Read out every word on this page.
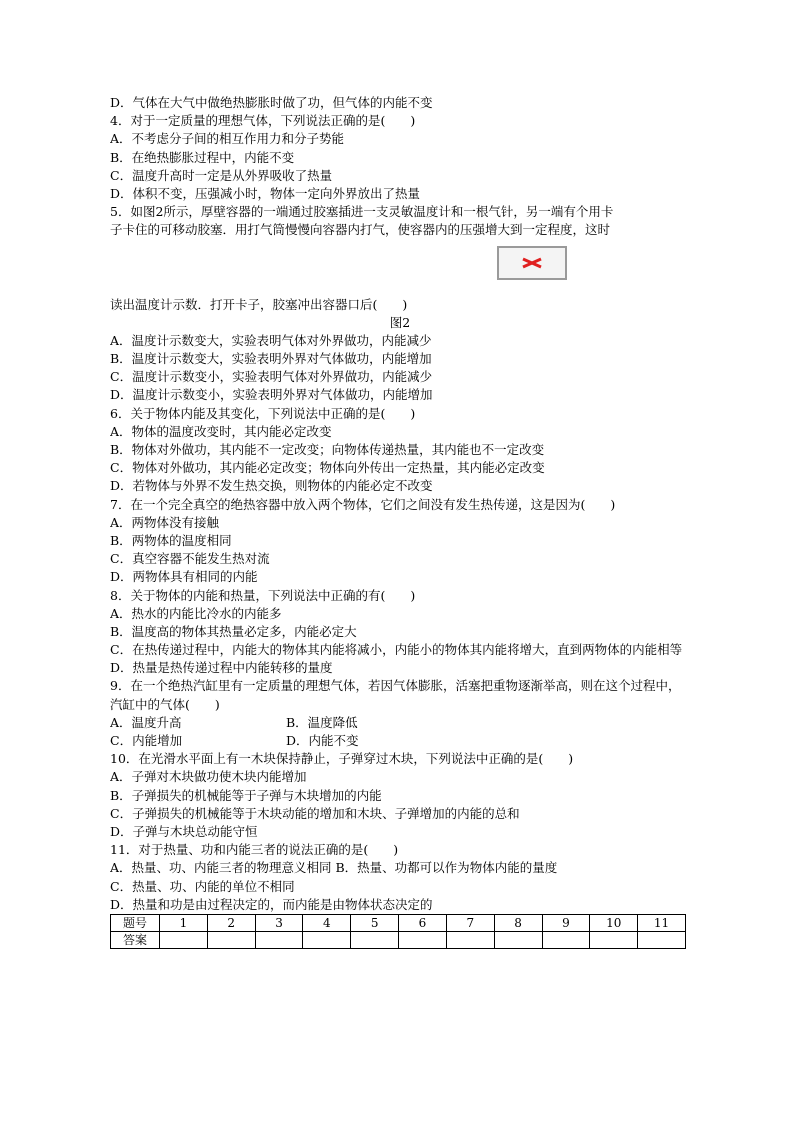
D．气体在大气中做绝热膨胀时做了功，但气体的内能不变
4．对于一定质量的理想气体，下列说法正确的是(　　)
A．不考虑分子间的相互作用力和分子势能
B．在绝热膨胀过程中，内能不变
C．温度升高时一定是从外界吸收了热量
D．体积不变，压强减小时，物体一定向外界放出了热量
5．如图2所示，厚壁容器的一端通过胶塞插进一支灵敏温度计和一根气针，另一端有个用卡
子卡住的可移动胶塞．用打气筒慢慢向容器内打气，使容器内的压强增大到一定程度，这时
读出温度计示数．打开卡子，胶塞冲出容器口后(　　)
图2
A．温度计示数变大，实验表明气体对外界做功，内能减少
B．温度计示数变大，实验表明外界对气体做功，内能增加
C．温度计示数变小，实验表明气体对外界做功，内能减少
D．温度计示数变小，实验表明外界对气体做功，内能增加
6．关于物体内能及其变化，下列说法中正确的是(　　)
A．物体的温度改变时，其内能必定改变
B．物体对外做功，其内能不一定改变；向物体传递热量，其内能也不一定改变
C．物体对外做功，其内能必定改变；物体向外传出一定热量，其内能必定改变
D．若物体与外界不发生热交换，则物体的内能必定不改变
7．在一个完全真空的绝热容器中放入两个物体，它们之间没有发生热传递，这是因为(　　)
A．两物体没有接触
B．两物体的温度相同
C．真空容器不能发生热对流
D．两物体具有相同的内能
8．关于物体的内能和热量，下列说法中正确的有(　　)
A．热水的内能比冷水的内能多
B．温度高的物体其热量必定多，内能必定大
C．在热传递过程中，内能大的物体其内能将减小，内能小的物体其内能将增大，直到两物体的内能相等
D．热量是热传递过程中内能转移的量度
9．在一个绝热汽缸里有一定质量的理想气体，若因气体膨胀，活塞把重物逐渐举高，则在这个过程中，汽缸中的气体(　　)
A．温度升高	B．温度降低
C．内能增加	D．内能不变
10．在光滑水平面上有一木块保持静止，子弹穿过木块，下列说法中正确的是(　　)
A．子弹对木块做功使木块内能增加
B．子弹损失的机械能等于子弹与木块增加的内能
C．子弹损失的机械能等于木块动能的增加和木块、子弹增加的内能的总和
D．子弹与木块总动能守恒
11．对于热量、功和内能三者的说法正确的是(　　)
A．热量、功、内能三者的物理意义相同 B．热量、功都可以作为物体内能的量度
C．热量、功、内能的单位不相同
D．热量和功是由过程决定的，而内能是由物体状态决定的
题号	1	2	3	4	5	6	7	8	9	10	11
答案											
